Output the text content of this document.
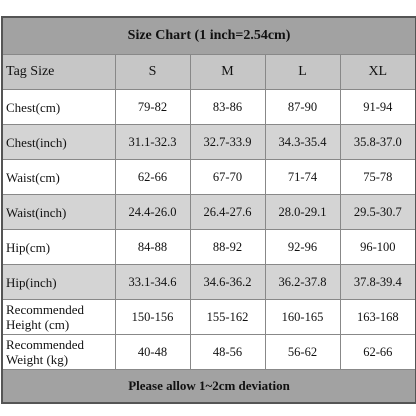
Size Chart (1 inch=2.54cm)				
Tag Size	S	M	L	XL
Chest(cm)	79-82	83-86	87-90	91-94
Chest(inch)	31.1-32.3	32.7-33.9	34.3-35.4	35.8-37.0
Waist(cm)	62-66	67-70	71-74	75-78
Waist(inch)	24.4-26.0	26.4-27.6	28.0-29.1	29.5-30.7
Hip(cm)	84-88	88-92	92-96	96-100
Hip(inch)	33.1-34.6	34.6-36.2	36.2-37.8	37.8-39.4
Recommended Height (cm)	150-156	155-162	160-165	163-168
Recommended Weight (kg)	40-48	48-56	56-62	62-66
Please allow 1~2cm deviation				
